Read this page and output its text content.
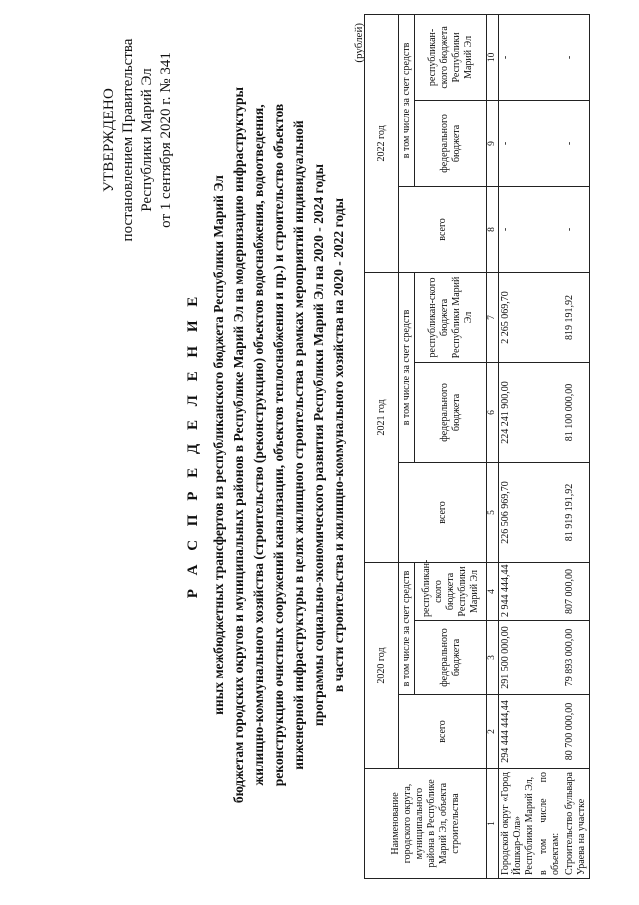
УТВЕРЖДЕНО постановлением Правительства Республики Марий Эл от 1 сентября 2020 г. № 341
Р А С П Р Е Д Е Л Е Н И Е иных межбюджетных трансфертов из республиканского бюджета Республики Марий Эл бюджетам городских округов и муниципальных районов в Республике Марий Эл на модернизацию инфраструктуры жилищно-коммунального хозяйства (строительство (реконструкцию) объектов водоснабжения, водоотведения, реконструкцию очистных сооружений канализации, объектов теплоснабжения и пр.) и строительство объектов инженерной инфраструктуры в целях жилищного строительства в рамках мероприятий индивидуальной программы социально-экономического развития Республики Марий Эл на 2020 - 2024 годы в части строительства и жилищно-коммунального хозяйства на 2020 - 2022 годы
(рублей)
Наименование городского округа, муниципального района в Республике Марий Эл, объекта строительства	2020 год			2021 год			2022 год		
	всего	в том числе за счет средств		всего	в том числе за счет средств		всего	в том числе за счет средств	
		федерального бюджета	республикан-ского бюджета Республики Марий Эл		федерального бюджета	республикан-ского бюджета Республики Марий Эл		федерального бюджета	республикан-ского бюджета Республики Марий Эл
1	2	3	4	5	6	7	8	9	10
Городской округ «Город Йошкар-Ола» Республики Марий Эл,	294 444 444,44	291 500 000,00	2 944 444,44	226 506 969,70	224 241 900,00	2 265 069,70	-	-	-
в том числе по объектам:									
Строительство бульвара Ураева на участке	80 700 000,00	79 893 000,00	807 000,00	81 919 191,92	81 100 000,00	819 191,92	-	-	-
